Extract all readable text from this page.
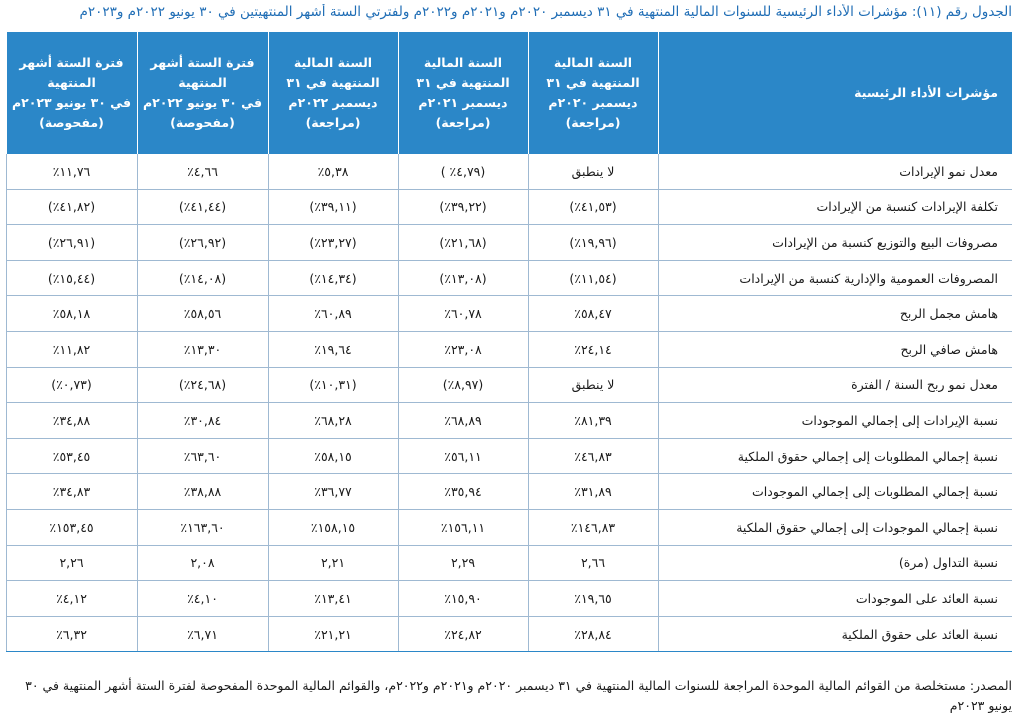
الجدول رقم (١١): مؤشرات الأداء الرئيسية للسنوات المالية المنتهية في ٣١ ديسمبر ٢٠٢٠م و٢٠٢١م و٢٠٢٢م ولفترتي الستة أشهر المنتهيتين في ٣٠ يونيو ٢٠٢٢م و٢٠٢٣م
مؤشرات الأداء الرئيسية	السنة المالية
المنتهية في ٣١
ديسمبر ٢٠٢٠م
(مراجعة)	السنة المالية
المنتهية في ٣١
ديسمبر ٢٠٢١م
(مراجعة)	السنة المالية
المنتهية في ٣١
ديسمبر ٢٠٢٢م
(مراجعة)	فترة الستة أشهر
المنتهية
في ٣٠ يونيو ٢٠٢٢م
(مفحوصة)	فترة الستة أشهر
المنتهية
في ٣٠ يونيو ٢٠٢٣م
(مفحوصة)

معدل نمو الإيرادات	لا ينطبق	(٤,٧٩٪ )	٥,٣٨٪	٤,٦٦٪	١١,٧٦٪
تكلفة الإيرادات كنسبة من الإيرادات	(٤١,٥٣٪)	(٣٩,٢٢٪)	(٣٩,١١٪)	(٤١,٤٤٪)	(٤١,٨٢٪)
مصروفات البيع والتوزيع كنسبة من الإيرادات	(١٩,٩٦٪)	(٢١,٦٨٪)	(٢٣,٢٧٪)	(٢٦,٩٢٪)	(٢٦,٩١٪)
المصروفات العمومية والإدارية كنسبة من الإيرادات	(١١,٥٤٪)	(١٣,٠٨٪)	(١٤,٣٤٪)	(١٤,٠٨٪)	(١٥,٤٤٪)
هامش مجمل الربح	٥٨,٤٧٪	٦٠,٧٨٪	٦٠,٨٩٪	٥٨,٥٦٪	٥٨,١٨٪
هامش صافي الربح	٢٤,١٤٪	٢٣,٠٨٪	١٩,٦٤٪	١٣,٣٠٪	١١,٨٢٪
معدل نمو ربح السنة / الفترة	لا ينطبق	(٨,٩٧٪)	(١٠,٣١٪)	(٢٤,٦٨٪)	(٠,٧٣٪)
نسبة الإيرادات إلى إجمالي الموجودات	٨١,٣٩٪	٦٨,٨٩٪	٦٨,٢٨٪	٣٠,٨٤٪	٣٤,٨٨٪
نسبة إجمالي المطلوبات إلى إجمالي حقوق الملكية	٤٦,٨٣٪	٥٦,١١٪	٥٨,١٥٪	٦٣,٦٠٪	٥٣,٤٥٪
نسبة إجمالي المطلوبات إلى إجمالي الموجودات	٣١,٨٩٪	٣٥,٩٤٪	٣٦,٧٧٪	٣٨,٨٨٪	٣٤,٨٣٪
نسبة إجمالي الموجودات إلى إجمالي حقوق الملكية	١٤٦,٨٣٪	١٥٦,١١٪	١٥٨,١٥٪	١٦٣,٦٠٪	١٥٣,٤٥٪
نسبة التداول (مرة)	٢,٦٦	٢,٢٩	٢,٢١	٢,٠٨	٢,٢٦
نسبة العائد على الموجودات	١٩,٦٥٪	١٥,٩٠٪	١٣,٤١٪	٤,١٠٪	٤,١٢٪
نسبة العائد على حقوق الملكية	٢٨,٨٤٪	٢٤,٨٢٪	٢١,٢١٪	٦,٧١٪	٦,٣٢٪
المصدر: مستخلصة من القوائم المالية الموحدة المراجعة للسنوات المالية المنتهية في ٣١ ديسمبر ٢٠٢٠م و٢٠٢١م و٢٠٢٢م، والقوائم المالية الموحدة المفحوصة لفترة الستة أشهر المنتهية في ٣٠ يونيو ٢٠٢٣م
